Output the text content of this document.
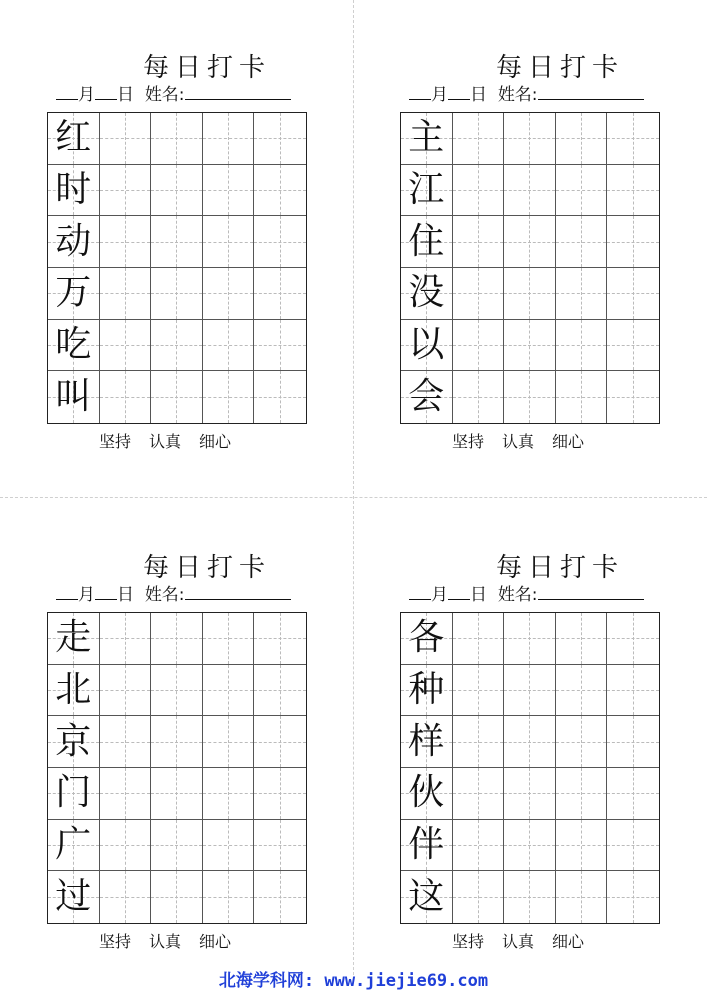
每日打卡
月 日 姓名:
红
时
动
万
吃
叫
坚持 认真 细心
每日打卡
月 日 姓名:
主
江
住
没
以
会
坚持 认真 细心
每日打卡
月 日 姓名:
走
北
京
门
广
过
坚持 认真 细心
每日打卡
月 日 姓名:
各
种
样
伙
伴
这
坚持 认真 细心
北海学科网: www.jiejie69.com
